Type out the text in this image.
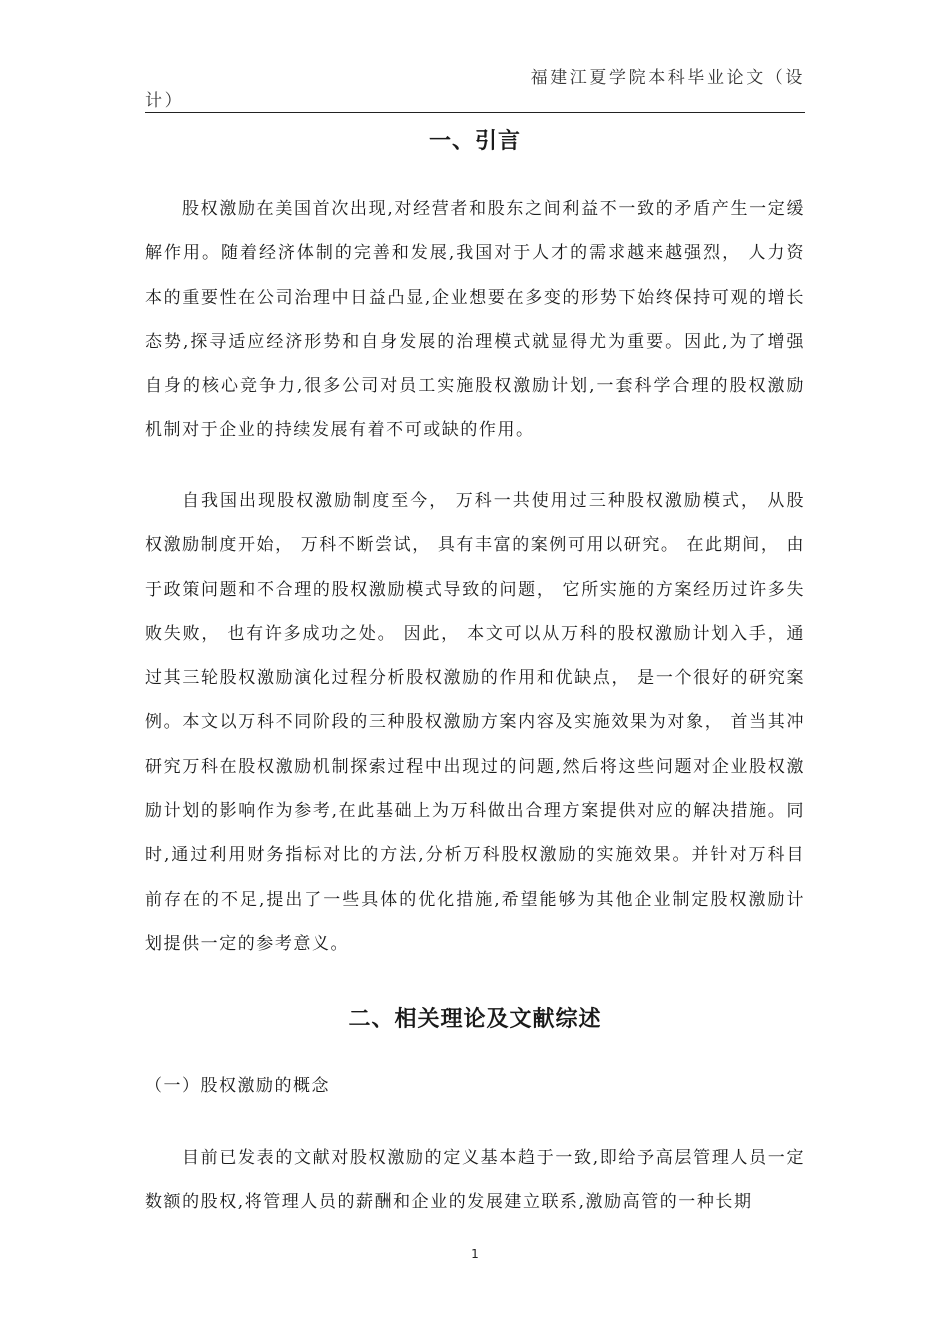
福建江夏学院本科毕业论文（设
计）
一、引言

股权激励在美国首次出现,对经营者和股东之间利益不一致的矛盾产生一定缓解作用。随着经济体制的完善和发展,我国对于人才的需求越来越强烈， 人力资本的重要性在公司治理中日益凸显,企业想要在多变的形势下始终保持可观的增长态势,探寻适应经济形势和自身发展的治理模式就显得尤为重要。因此,为了增强自身的核心竞争力,很多公司对员工实施股权激励计划,一套科学合理的股权激励机制对于企业的持续发展有着不可或缺的作用。

自我国出现股权激励制度至今， 万科一共使用过三种股权激励模式， 从股权激励制度开始， 万科不断尝试， 具有丰富的案例可用以研究。 在此期间， 由于政策问题和不合理的股权激励模式导致的问题， 它所实施的方案经历过许多失败失败， 也有许多成功之处。 因此， 本文可以从万科的股权激励计划入手，通过其三轮股权激励演化过程分析股权激励的作用和优缺点， 是一个很好的研究案例。本文以万科不同阶段的三种股权激励方案内容及实施效果为对象， 首当其冲研究万科在股权激励机制探索过程中出现过的问题,然后将这些问题对企业股权激励计划的影响作为参考,在此基础上为万科做出合理方案提供对应的解决措施。同时,通过利用财务指标对比的方法,分析万科股权激励的实施效果。并针对万科目前存在的不足,提出了一些具体的优化措施,希望能够为其他企业制定股权激励计划提供一定的参考意义。

二、相关理论及文献综述

（一）股权激励的概念

目前已发表的文献对股权激励的定义基本趋于一致,即给予高层管理人员一定数额的股权,将管理人员的薪酬和企业的发展建立联系,激励高管的一种长期

1
